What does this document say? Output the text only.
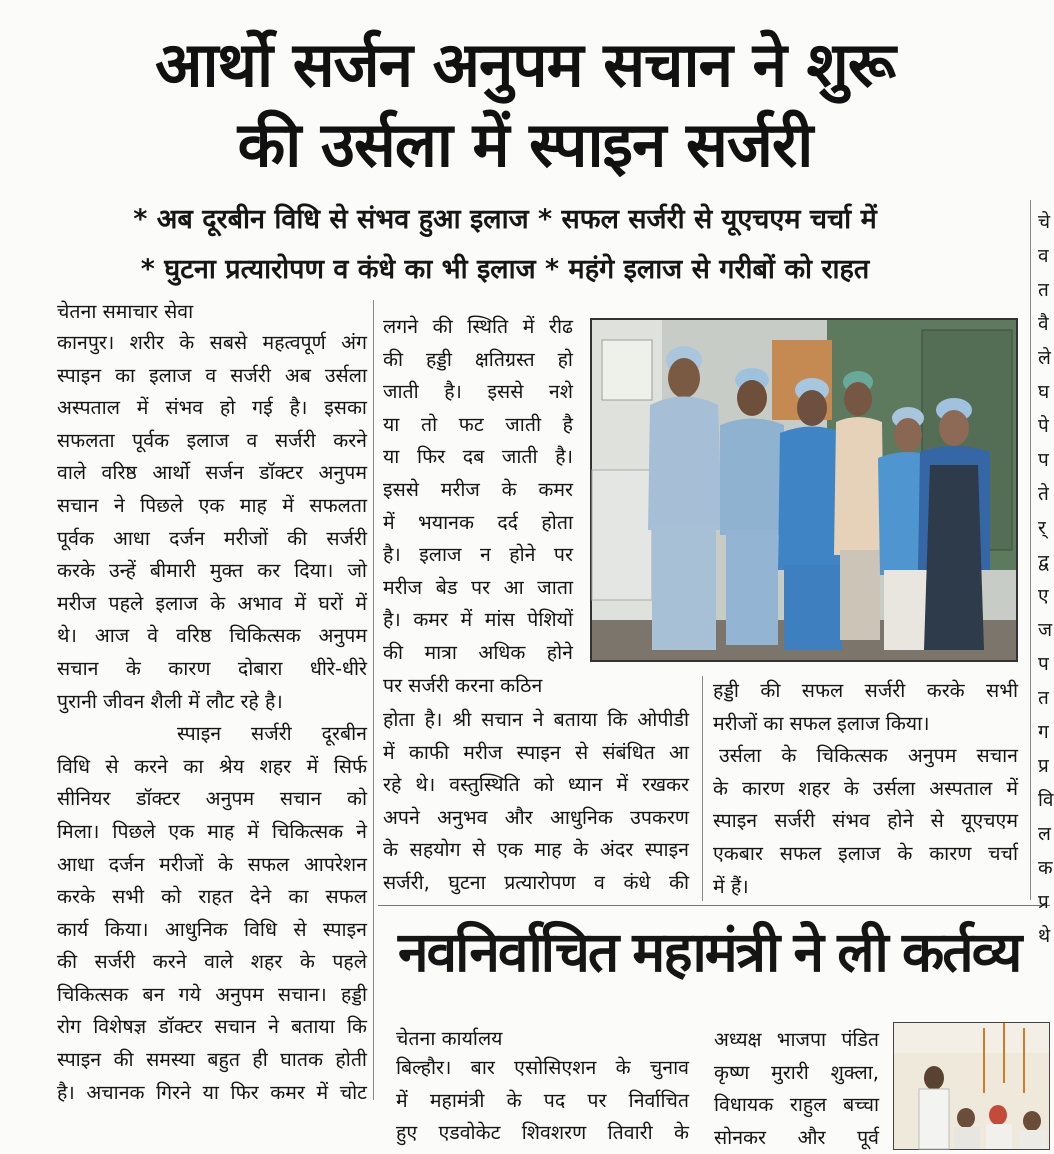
आर्थो सर्जन अनुपम सचान ने शुरू
की उर्सला में स्पाइन सर्जरी
* अब दूरबीन विधि से संभव हुआ इलाज * सफल सर्जरी से यूएचएम चर्चा में
* घुटना प्रत्यारोपण व कंधे का भी इलाज * महंगे इलाज से गरीबों को राहत
चेतना समाचार सेवा

कानपुर। शरीर के सबसे महत्वपूर्ण अंग

स्पाइन का इलाज व सर्जरी अब उर्सला

अस्पताल में संभव हो गई है। इसका

सफलता पूर्वक इलाज व सर्जरी करने

वाले वरिष्ठ आर्थो सर्जन डॉक्टर अनुपम

सचान ने पिछले एक माह में सफलता

पूर्वक आधा दर्जन मरीजों की सर्जरी

करके उन्हें बीमारी मुक्त कर दिया। जो

मरीज पहले इलाज के अभाव में घरों में

थे। आज वे वरिष्ठ चिकित्सक अनुपम

सचान के कारण दोबारा धीरे-धीरे

पुरानी जीवन शैली में लौट रहे है।

स्पाइन सर्जरी दूरबीन

विधि से करने का श्रेय शहर में सिर्फ

सीनियर डॉक्टर अनुपम सचान को

मिला। पिछले एक माह में चिकित्सक ने

आधा दर्जन मरीजों के सफल आपरेशन

करके सभी को राहत देने का सफल

कार्य किया। आधुनिक विधि से स्पाइन

की सर्जरी करने वाले शहर के पहले

चिकित्सक बन गये अनुपम सचान। हड्डी

रोग विशेषज्ञ डॉक्टर सचान ने बताया कि

स्पाइन की समस्या बहुत ही घातक होती

है। अचानक गिरने या फिर कमर में चोट

लगने की स्थिति में रीढ

की हड्डी क्षतिग्रस्त हो

जाती है। इससे नशे

या तो फट जाती है

या फिर दब जाती है।

इससे मरीज के कमर

में भयानक दर्द होता

है। इलाज न होने पर

मरीज बेड पर आ जाता

है। कमर में मांस पेशियों

की मात्रा अधिक होने

पर सर्जरी करना कठिन

होता है। श्री सचान ने बताया कि ओपीडी

में काफी मरीज स्पाइन से संबंधित आ

रहे थे। वस्तुस्थिति को ध्यान में रखकर

अपने अनुभव और आधुनिक उपकरण

के सहयोग से एक माह के अंदर स्पाइन

सर्जरी, घुटना प्रत्यारोपण व कंधे की

हड्डी की सफल सर्जरी करके सभी

मरीजों का सफल इलाज किया।

उर्सला के चिकित्सक अनुपम सचान

के कारण शहर के उर्सला अस्पताल में

स्पाइन सर्जरी संभव होने से यूएचएम

एकबार सफल इलाज के कारण चर्चा

में हैं।

नवनिर्वाचित महामंत्री ने ली कर्तव्य
चेतना कार्यालय

बिल्हौर। बार एसोसिएशन के चुनाव

में महामंत्री के पद पर निर्वाचित

हुए एडवोकेट शिवशरण तिवारी के

अध्यक्ष भाजपा पंडित

कृष्ण मुरारी शुक्ला,

विधायक राहुल बच्चा

सोनकर और पूर्व

चे

व

त

वै

ले

घ

पे

प

ते

र्

द्व

ए

ज

प

त

ग

प्र

वि

ल

क

प्र

थे
